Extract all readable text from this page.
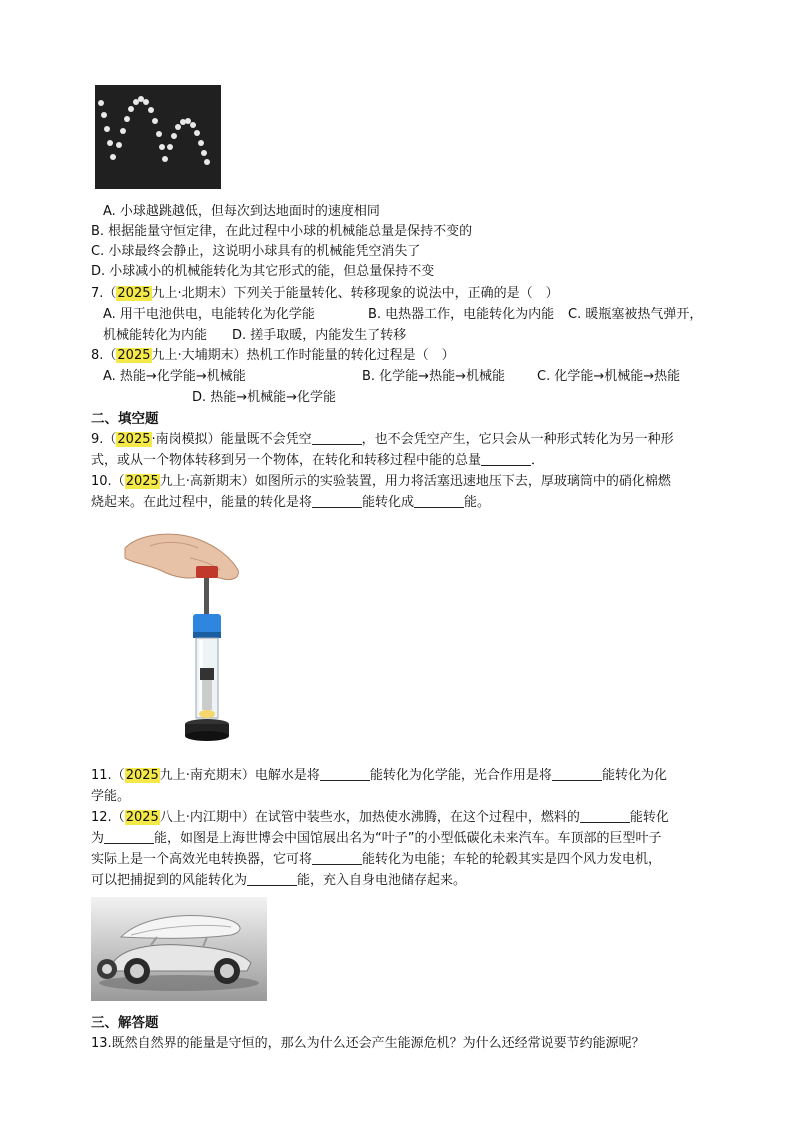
A. 小球越跳越低，但每次到达地面时的速度相同
B. 根据能量守恒定律，在此过程中小球的机械能总量是保持不变的
C. 小球最终会静止，这说明小球具有的机械能凭空消失了
D. 小球减小的机械能转化为其它形式的能，但总量保持不变
7.（2025九上·北期末）下列关于能量转化、转移现象的说法中，正确的是（　）
A. 用干电池供电，电能转化为化学能	B. 电热器工作，电能转化为内能 C. 暖瓶塞被热气弹开，
机械能转化为内能 D. 搓手取暖，内能发生了转移
8.（2025九上·大埔期末）热机工作时能量的转化过程是（　）
A. 热能→化学能→机械能	B. 化学能→热能→机械能 C. 化学能→机械能→热能
D. 热能→机械能→化学能
二、填空题
9.（2025·南岗模拟）能量既不会凭空	，也不会凭空产生，它只会从一种形式转化为另一种形
式，或从一个物体转移到另一个物体，在转化和转移过程中能的总量	．
10.（2025九上·高新期末）如图所示的实验装置，用力将活塞迅速地压下去，厚玻璃筒中的硝化棉燃
烧起来。在此过程中，能量的转化是将	能转化成	能。
11.（2025九上·南充期末）电解水是将	能转化为化学能，光合作用是将	能转化为化
学能。
12.（2025八上·内江期中）在试管中装些水，加热使水沸腾，在这个过程中，燃料的	能转化
为	能，如图是上海世博会中国馆展出名为“叶子”的小型低碳化未来汽车。车顶部的巨型叶子
实际上是一个高效光电转换器，它可将	能转化为电能；车轮的轮毂其实是四个风力发电机，
可以把捕捉到的风能转化为	能，充入自身电池储存起来。
三、解答题
13.既然自然界的能量是守恒的，那么为什么还会产生能源危机？为什么还经常说要节约能源呢？
